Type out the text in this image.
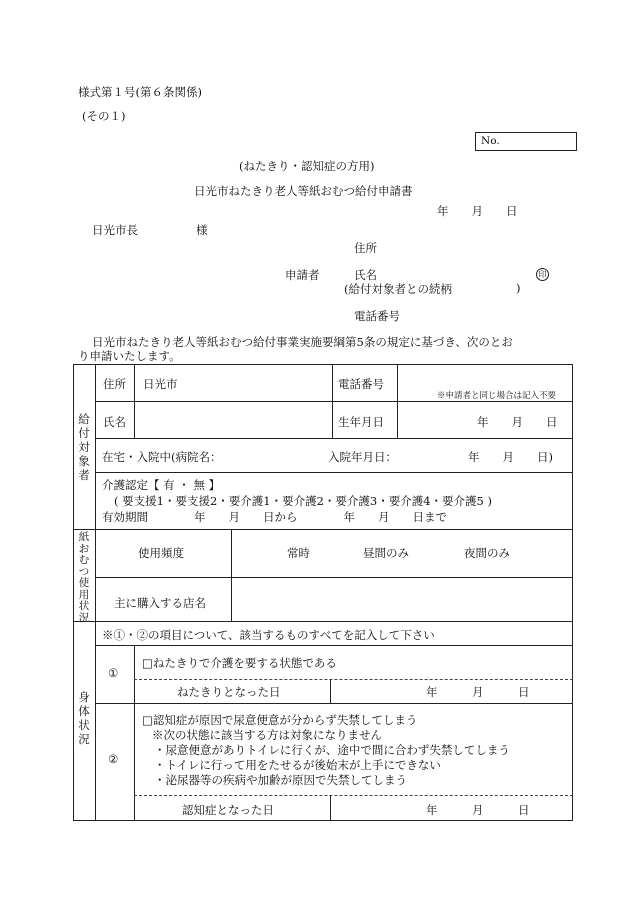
様式第１号(第６条関係)
(その１)
No.
(ねたきり・認知症の方用)
日光市ねたきり老人等紙おむつ給付申請書
年　　月　　日
日光市長	様
住所
申請者	氏名	印
(給付対象者との続柄	)
電話番号
日光市ねたきり老人等紙おむつ給付事業実施要綱第5条の規定に基づき、次のとお
り申請いたします。
給付対象者
住所 日光市	電話番号
※申請者と同じ場合は記入不要
氏名	生年月日	年　　月　　日
在宅・入院中(病院名：	入院年月日：	年　　月　　日)
介護認定【 有 ・ 無 】
( 要支援1・要支援2・要介護1・要介護2・要介護3・要介護4・要介護5 )
有効期間　　　　年　　月　　日から　　　　年　　月　　日まで
紙おむつ使用状況
使用頻度	常時	昼間のみ	夜間のみ
主に購入する店名
身体状況
※①・②の項目について、該当するものすべてを記入して下さい
①
□ねたきりで介護を要する状態である
ねたきりとなった日	年　　　月　　　日
②
□認知症が原因で尿意便意が分からず失禁してしまう
※次の状態に該当する方は対象になりません
・尿意便意がありトイレに行くが、途中で間に合わず失禁してしまう
・トイレに行って用をたせるが後始末が上手にできない
・泌尿器等の疾病や加齢が原因で失禁してしまう
認知症となった日	年　　　月　　　日
